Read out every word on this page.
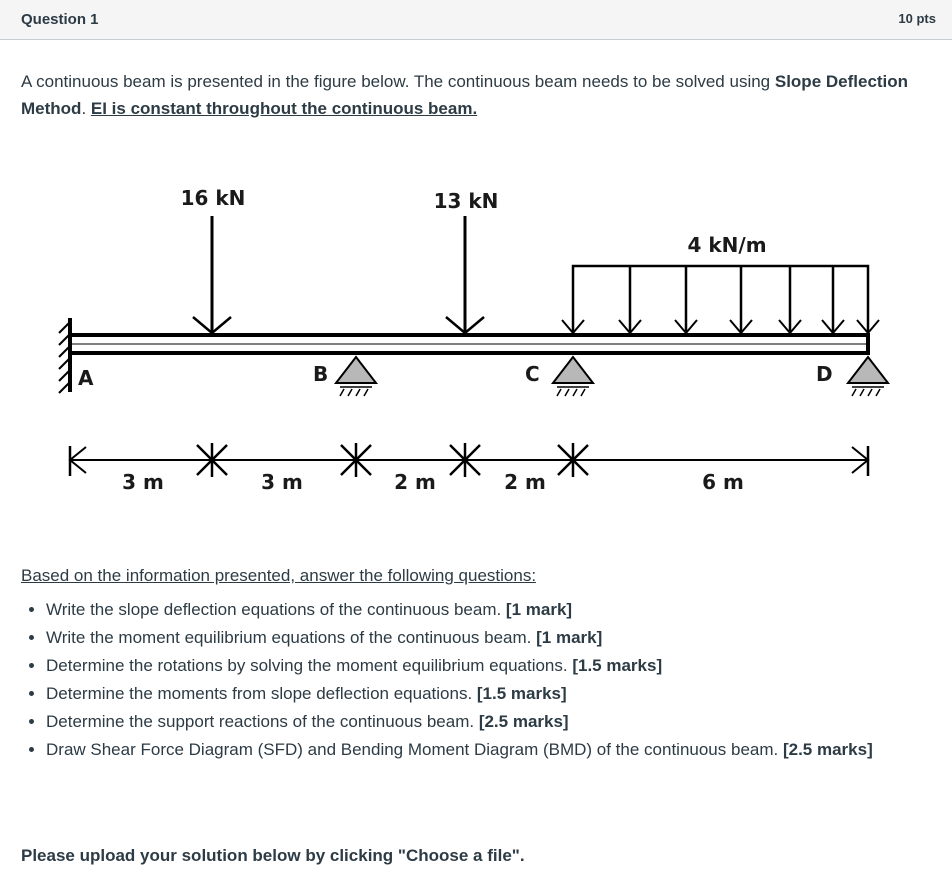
Question 1	10 pts
A continuous beam is presented in the figure below. The continuous beam needs to be solved using Slope Deflection Method. EI is constant throughout the continuous beam.
16 kN	13 kN
4 kN/m
A	B	C	D
3 m	3 m	2 m	2 m	6 m
Based on the information presented, answer the following questions:
• Write the slope deflection equations of the continuous beam. [1 mark]
• Write the moment equilibrium equations of the continuous beam. [1 mark]
• Determine the rotations by solving the moment equilibrium equations. [1.5 marks]
• Determine the moments from slope deflection equations. [1.5 marks]
• Determine the support reactions of the continuous beam. [2.5 marks]
• Draw Shear Force Diagram (SFD) and Bending Moment Diagram (BMD) of the continuous beam. [2.5 marks]
Please upload your solution below by clicking "Choose a file".
